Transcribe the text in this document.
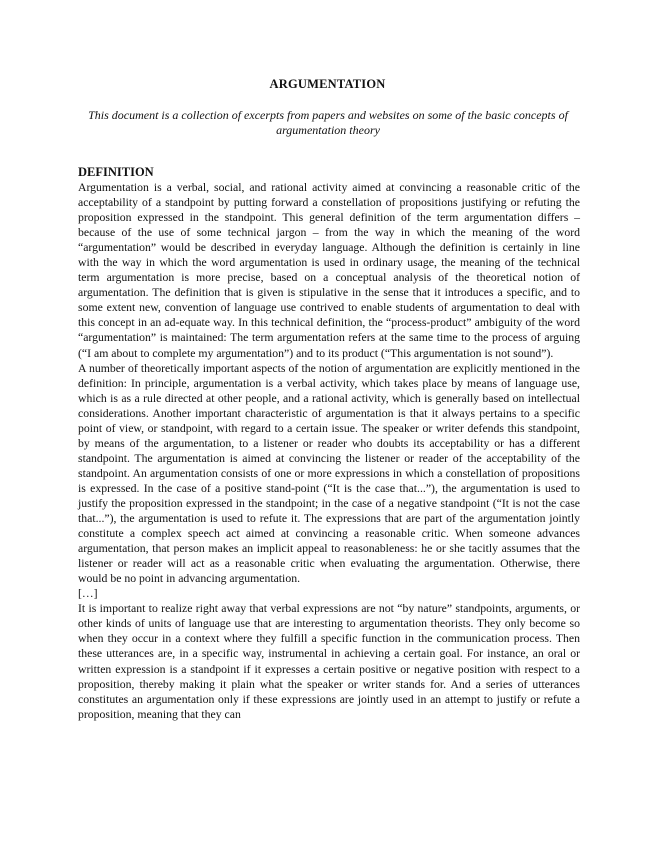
ARGUMENTATION
This document is a collection of excerpts from papers and websites on some of the basic concepts of argumentation theory
DEFINITION

Argumentation is a verbal, social, and rational activity aimed at convincing a reasonable critic of the acceptability of a standpoint by putting forward a constellation of propositions justifying or refuting the proposition expressed in the standpoint. This general definition of the term argumentation differs – because of the use of some technical jargon – from the way in which the meaning of the word “argumentation” would be described in everyday language. Although the definition is certainly in line with the way in which the word argumentation is used in ordinary usage, the meaning of the technical term argumentation is more precise, based on a conceptual analysis of the theoretical notion of argumentation. The definition that is given is stipulative in the sense that it introduces a specific, and to some extent new, convention of language use contrived to enable students of argumentation to deal with this concept in an ad-equate way. In this technical definition, the “process-product” ambiguity of the word “argumentation” is maintained: The term argumentation refers at the same time to the process of arguing (“I am about to complete my argumentation”) and to its product (“This argumentation is not sound”).

A number of theoretically important aspects of the notion of argumentation are explicitly mentioned in the definition: In principle, argumentation is a verbal activity, which takes place by means of language use, which is as a rule directed at other people, and a rational activity, which is generally based on intellectual considerations. Another important characteristic of argumentation is that it always pertains to a specific point of view, or standpoint, with regard to a certain issue. The speaker or writer defends this standpoint, by means of the argumentation, to a listener or reader who doubts its acceptability or has a different standpoint. The argumentation is aimed at convincing the listener or reader of the acceptability of the standpoint. An argumentation consists of one or more expressions in which a constellation of propositions is expressed. In the case of a positive stand-point (“It is the case that...”), the argumentation is used to justify the proposition expressed in the standpoint; in the case of a negative standpoint (“It is not the case that...”), the argumentation is used to refute it. The expressions that are part of the argumentation jointly constitute a complex speech act aimed at convincing a reasonable critic. When someone advances argumentation, that person makes an implicit appeal to reasonableness: he or she tacitly assumes that the listener or reader will act as a reasonable critic when evaluating the argumentation. Otherwise, there would be no point in advancing argumentation.

[…]

It is important to realize right away that verbal expressions are not “by nature” standpoints, arguments, or other kinds of units of language use that are interesting to argumentation theorists. They only become so when they occur in a context where they fulfill a specific function in the communication process. Then these utterances are, in a specific way, instrumental in achieving a certain goal. For instance, an oral or written expression is a standpoint if it expresses a certain positive or negative position with respect to a proposition, thereby making it plain what the speaker or writer stands for. And a series of utterances constitutes an argumentation only if these expressions are jointly used in an attempt to justify or refute a proposition, meaning that they can
